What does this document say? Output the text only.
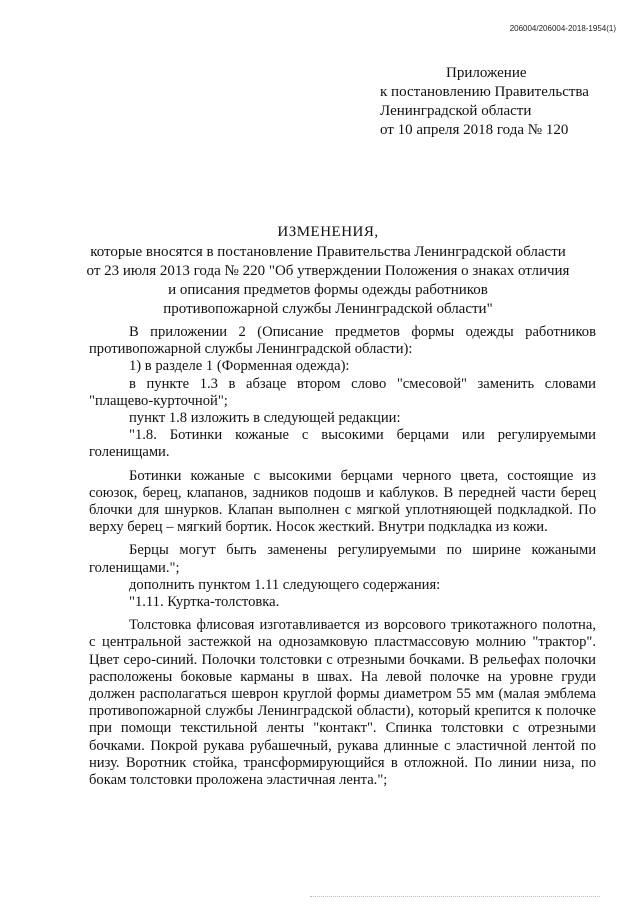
206004/206004-2018-1954(1)
Приложение
к постановлению Правительства
Ленинградской области
от 10 апреля 2018 года № 120
ИЗМЕНЕНИЯ,
которые вносятся в постановление Правительства Ленинградской области
от 23 июля 2013 года № 220 "Об утверждении Положения о знаках отличия
и описания предметов формы одежды работников
противопожарной службы Ленинградской области"

В приложении 2 (Описание предметов формы одежды работников противопожарной службы Ленинградской области):

1) в разделе 1 (Форменная одежда):

в пункте 1.3 в абзаце втором слово "смесовой" заменить словами "плащево-курточной";

пункт 1.8 изложить в следующей редакции:

"1.8. Ботинки кожаные с высокими берцами или регулируемыми голенищами.

Ботинки кожаные с высокими берцами черного цвета, состоящие из союзок, берец, клапанов, задников подошв и каблуков. В передней части берец блочки для шнурков. Клапан выполнен с мягкой уплотняющей подкладкой. По верху берец – мягкий бортик. Носок жесткий. Внутри подкладка из кожи.

Берцы могут быть заменены регулируемыми по ширине кожаными голенищами.";

дополнить пунктом 1.11 следующего содержания:

"1.11. Куртка-толстовка.

Толстовка флисовая изготавливается из ворсового трикотажного полотна, с центральной застежкой на однозамковую пластмассовую молнию "трактор". Цвет серо-синий. Полочки толстовки с отрезными бочками. В рельефах полочки расположены боковые карманы в швах. На левой полочке на уровне груди должен располагаться шеврон круглой формы диаметром 55 мм (малая эмблема противопожарной службы Ленинградской области), который крепится к полочке при помощи текстильной ленты "контакт". Спинка толстовки с отрезными бочками. Покрой рукава рубашечный, рукава длинные с эластичной лентой по низу. Воротник стойка, трансформирующийся в отложной. По линии низа, по бокам толстовки проложена эластичная лента.";
